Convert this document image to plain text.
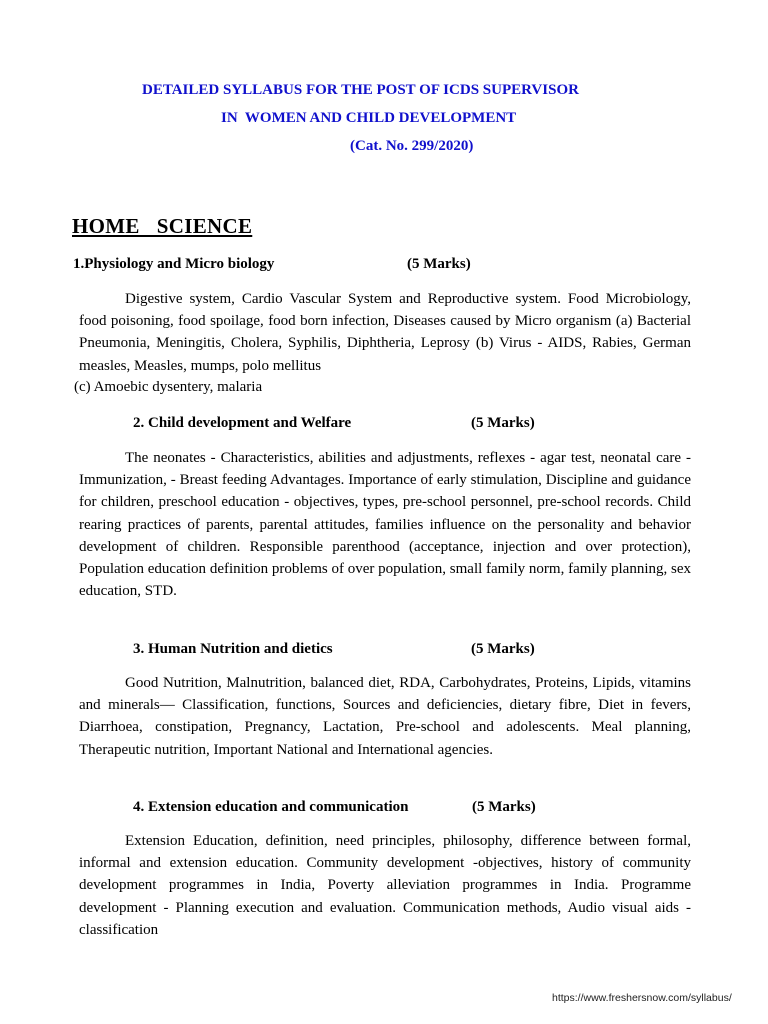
DETAILED SYLLABUS FOR THE POST OF ICDS SUPERVISOR
IN  WOMEN AND CHILD DEVELOPMENT
(Cat. No. 299/2020)
HOME  SCIENCE
1.Physiology and Micro biology	(5 Marks)
Digestive system, Cardio Vascular System and Reproductive system. Food Microbiology, food poisoning, food spoilage, food born infection, Diseases caused by Micro organism (a) Bacterial Pneumonia, Meningitis, Cholera, Syphilis, Diphtheria, Leprosy (b) Virus - AIDS, Rabies, German measles, Measles, mumps, polo mellitus
(c) Amoebic dysentery, malaria
2. Child development and Welfare	(5 Marks)
The neonates - Characteristics, abilities and adjustments, reflexes - agar test, neonatal care - Immunization, - Breast feeding Advantages. Importance of early stimulation, Discipline and guidance for children, preschool education - objectives, types, pre-school personnel, pre-school records. Child rearing practices of parents, parental attitudes, families influence on the personality and behavior development of children. Responsible parenthood (acceptance, injection and over protection), Population education definition problems of over population, small family norm, family planning, sex education, STD.
3. Human Nutrition and dietics	(5 Marks)
Good Nutrition, Malnutrition, balanced diet, RDA, Carbohydrates, Proteins, Lipids, vitamins and minerals— Classification, functions, Sources and deficiencies, dietary fibre, Diet in fevers, Diarrhoea, constipation, Pregnancy, Lactation, Pre-school and adolescents. Meal planning, Therapeutic nutrition, Important National and International agencies.
4. Extension education and communication	(5 Marks)
Extension Education, definition, need principles, philosophy, difference between formal, informal and extension education. Community development -objectives, history of community development programmes in India, Poverty alleviation programmes in India. Programme development - Planning execution and evaluation. Communication methods, Audio visual aids - classification
https://www.freshersnow.com/syllabus/
